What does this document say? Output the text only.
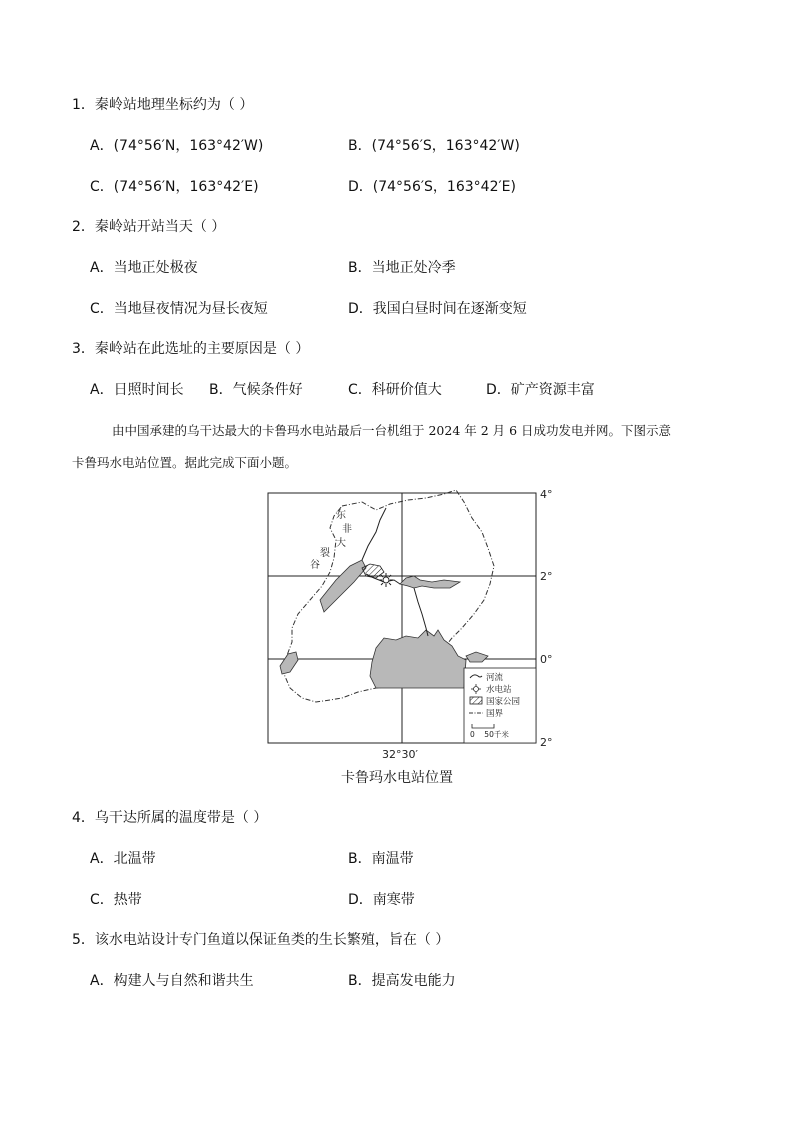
1．秦岭站地理坐标约为（ ）
A．(74°56′N，163°42′W)	B．(74°56′S，163°42′W)
C．(74°56′N，163°42′E)	D．(74°56′S，163°42′E)
2．秦岭站开站当天（ ）
A．当地正处极夜	B．当地正处冷季
C．当地昼夜情况为昼长夜短	D．我国白昼时间在逐渐变短
3．秦岭站在此选址的主要原因是（ ）
A．日照时间长 B．气候条件好	C．科研价值大	D．矿产资源丰富

由中国承建的乌干达最大的卡鲁玛水电站最后一台机组于 2024 年 2 月 6 日成功发电并网。下图示意

卡鲁玛水电站位置。据此完成下面小题。

东
非
大
裂
谷
4°
2°
0°
2°
32°30′
河流
水电站
国家公园
国界
0    50千米
卡鲁玛水电站位置
4．乌干达所属的温度带是（ ）
A．北温带	B．南温带
C．热带	D．南寒带
5．该水电站设计专门鱼道以保证鱼类的生长繁殖，旨在（ ）
A．构建人与自然和谐共生	B．提高发电能力
